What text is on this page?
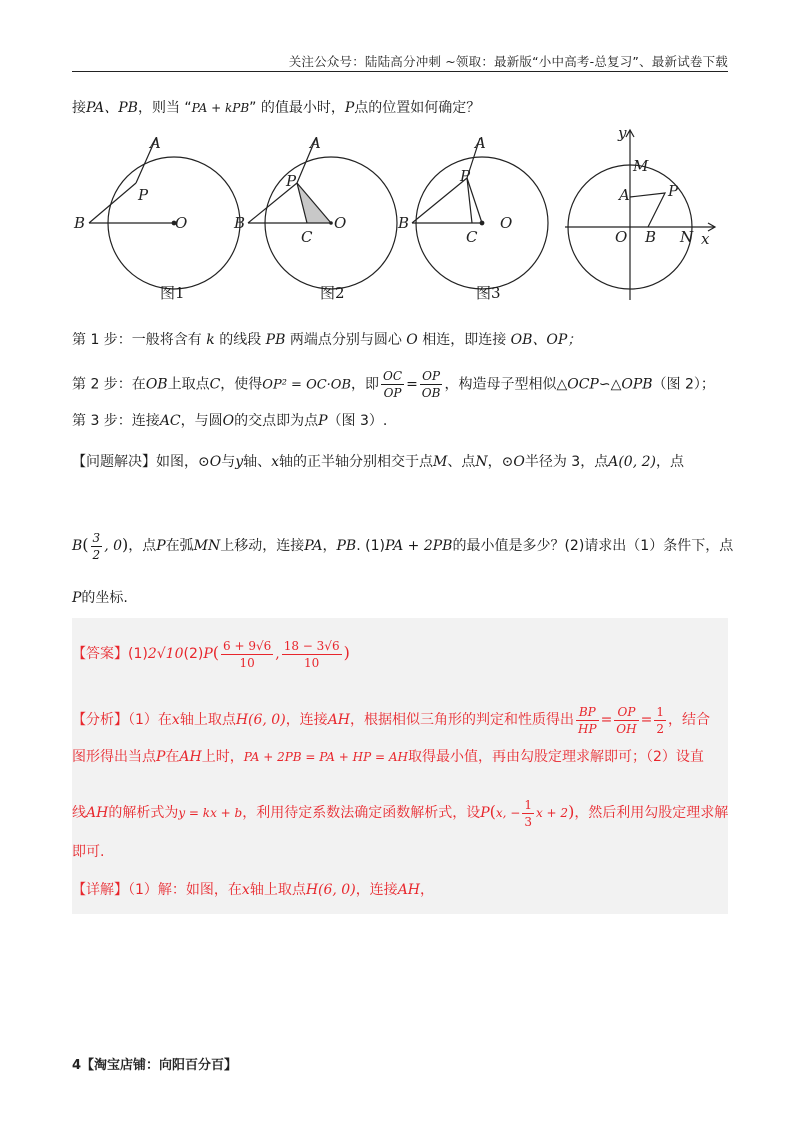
关注公众号：陆陆高分冲刺 ~领取：最新版“小中高考-总复习”、最新试卷下载
接PA、PB，则当 “PA + kPB” 的值最小时，P点的位置如何确定？
A
P
B	O
A
P
B
C
O
A
P
B
C
O
y
M
A	P
O B N x
图1	图2	图3
第 1 步：一般将含有 k 的线段 PB 两端点分别与圆心 O 相连，即连接 OB、OP；
第 2 步：在OB上取点C，使得OP² = OC·OB，即 $\frac{OC}{OP} = \frac{OP}{OB}$ ，构造母子型相似△OCP∽△OPB（图 2）；
第 3 步：连接AC，与圆O的交点即为点P（图 3）.
【问题解决】如图，⊙O与y轴、x轴的正半轴分别相交于点M、点N，⊙O半径为 3，点A(0, 2)，点
$B( \frac{3}{2}$ , 0)，点P在弧MN上移动，连接PA，PB. (1)PA + 2PB的最小值是多少？(2)请求出（1）条件下，点
P的坐标.
【答案】$(1)2√10(2)P( \frac{6 + 9√6}{10}$ , $\frac{18 - 3√6}{10}$ )
【分析】（1）在x轴上取点H(6, 0)，连接AH，根据相似三角形的判定和性质得出 $\frac{BP}{HP} = \frac{OP}{OH} = \frac{1}{2}$ ，结合
图形得出当点P在AH上时，PA + 2PB = PA + HP = AH取得最小值，再由勾股定理求解即可；（2）设直
线AH的解析式为y = kx + b，利用待定系数法确定函数解析式，设P(x, − $\frac{1}{3}$ x + 2)，然后利用勾股定理求解
即可.
【详解】（1）解：如图，在x轴上取点H(6, 0)，连接AH，
4【淘宝店铺：向阳百分百】
